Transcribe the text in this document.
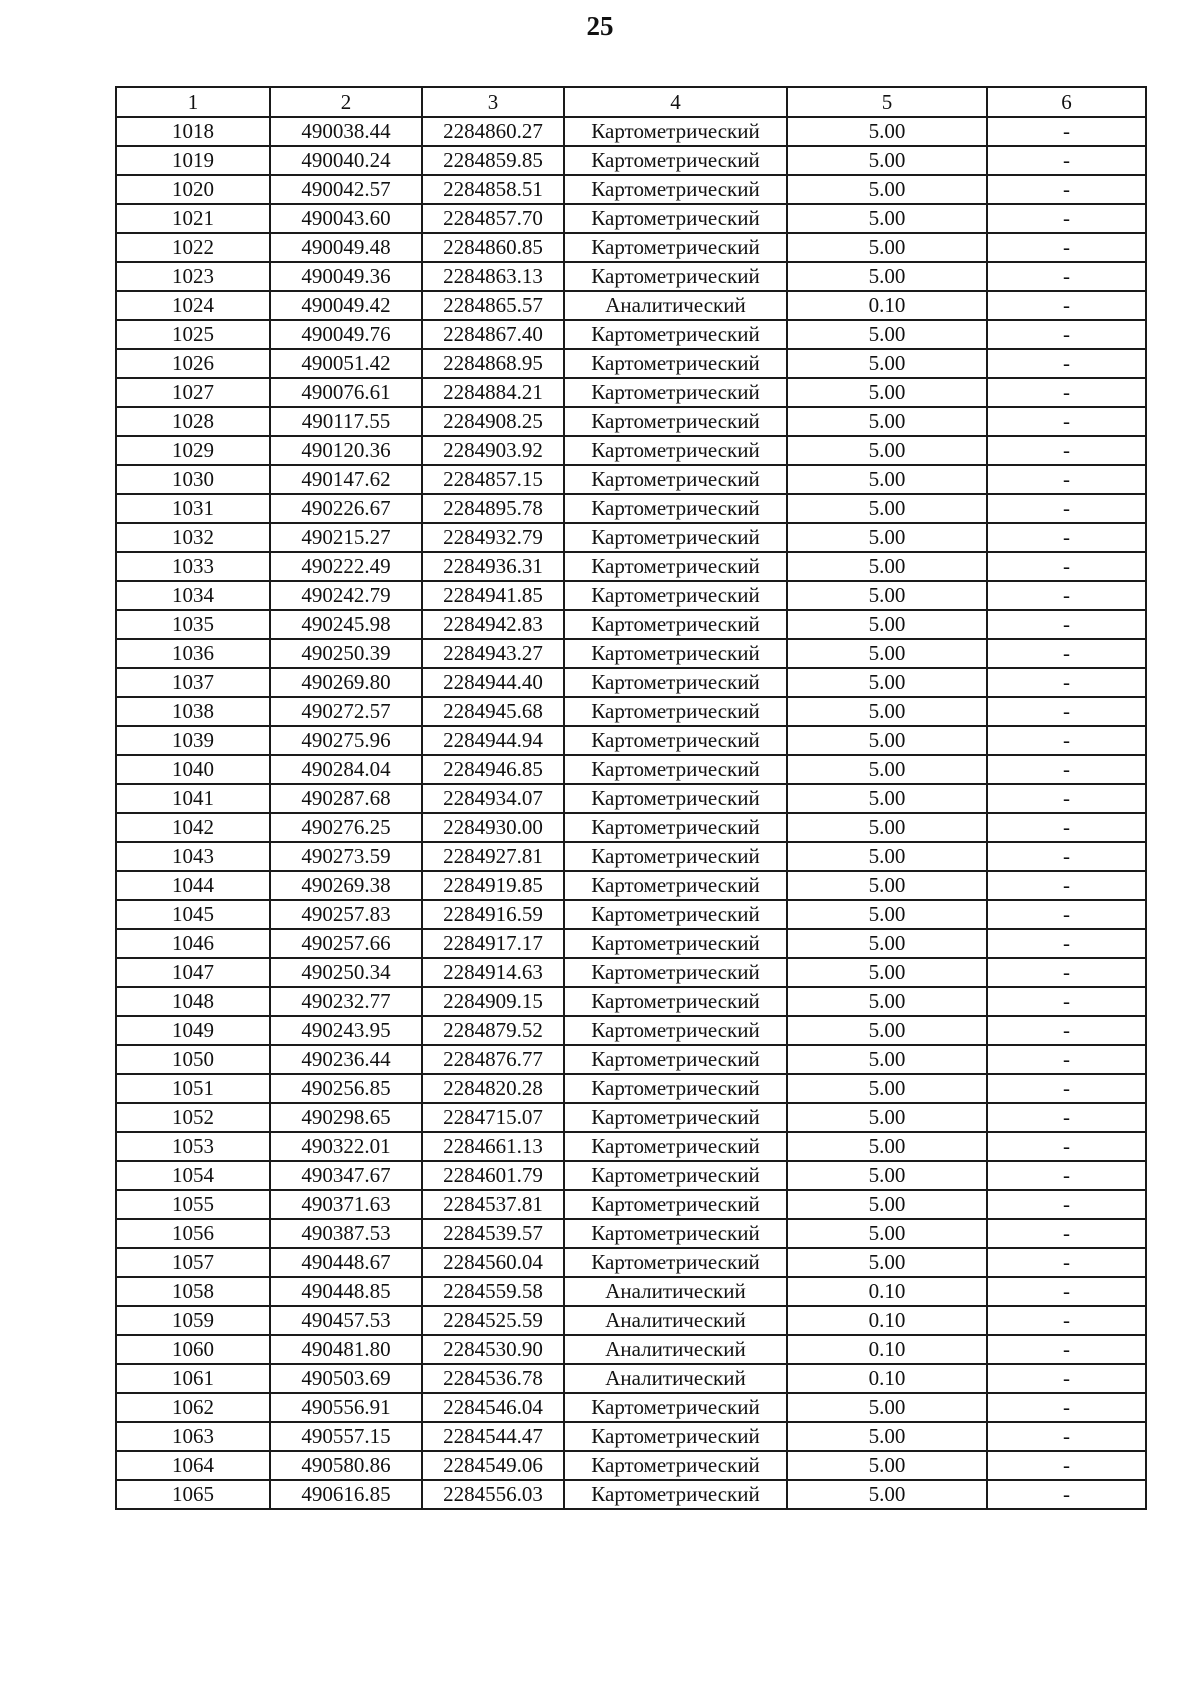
25
1	2	3	4	5	6
1018	490038.44	2284860.27	Картометрический	5.00	-
1019	490040.24	2284859.85	Картометрический	5.00	-
1020	490042.57	2284858.51	Картометрический	5.00	-
1021	490043.60	2284857.70	Картометрический	5.00	-
1022	490049.48	2284860.85	Картометрический	5.00	-
1023	490049.36	2284863.13	Картометрический	5.00	-
1024	490049.42	2284865.57	Аналитический	0.10	-
1025	490049.76	2284867.40	Картометрический	5.00	-
1026	490051.42	2284868.95	Картометрический	5.00	-
1027	490076.61	2284884.21	Картометрический	5.00	-
1028	490117.55	2284908.25	Картометрический	5.00	-
1029	490120.36	2284903.92	Картометрический	5.00	-
1030	490147.62	2284857.15	Картометрический	5.00	-
1031	490226.67	2284895.78	Картометрический	5.00	-
1032	490215.27	2284932.79	Картометрический	5.00	-
1033	490222.49	2284936.31	Картометрический	5.00	-
1034	490242.79	2284941.85	Картометрический	5.00	-
1035	490245.98	2284942.83	Картометрический	5.00	-
1036	490250.39	2284943.27	Картометрический	5.00	-
1037	490269.80	2284944.40	Картометрический	5.00	-
1038	490272.57	2284945.68	Картометрический	5.00	-
1039	490275.96	2284944.94	Картометрический	5.00	-
1040	490284.04	2284946.85	Картометрический	5.00	-
1041	490287.68	2284934.07	Картометрический	5.00	-
1042	490276.25	2284930.00	Картометрический	5.00	-
1043	490273.59	2284927.81	Картометрический	5.00	-
1044	490269.38	2284919.85	Картометрический	5.00	-
1045	490257.83	2284916.59	Картометрический	5.00	-
1046	490257.66	2284917.17	Картометрический	5.00	-
1047	490250.34	2284914.63	Картометрический	5.00	-
1048	490232.77	2284909.15	Картометрический	5.00	-
1049	490243.95	2284879.52	Картометрический	5.00	-
1050	490236.44	2284876.77	Картометрический	5.00	-
1051	490256.85	2284820.28	Картометрический	5.00	-
1052	490298.65	2284715.07	Картометрический	5.00	-
1053	490322.01	2284661.13	Картометрический	5.00	-
1054	490347.67	2284601.79	Картометрический	5.00	-
1055	490371.63	2284537.81	Картометрический	5.00	-
1056	490387.53	2284539.57	Картометрический	5.00	-
1057	490448.67	2284560.04	Картометрический	5.00	-
1058	490448.85	2284559.58	Аналитический	0.10	-
1059	490457.53	2284525.59	Аналитический	0.10	-
1060	490481.80	2284530.90	Аналитический	0.10	-
1061	490503.69	2284536.78	Аналитический	0.10	-
1062	490556.91	2284546.04	Картометрический	5.00	-
1063	490557.15	2284544.47	Картометрический	5.00	-
1064	490580.86	2284549.06	Картометрический	5.00	-
1065	490616.85	2284556.03	Картометрический	5.00	-
